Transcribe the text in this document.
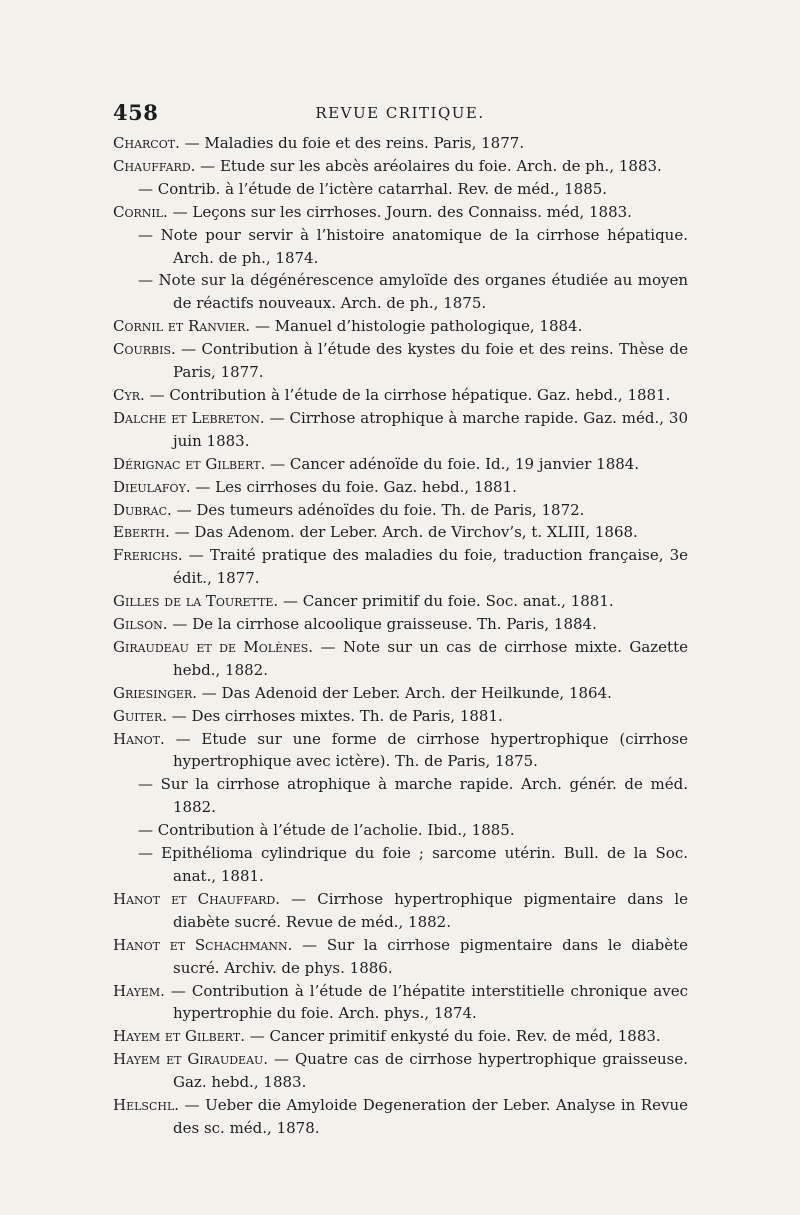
458	REVUE CRITIQUE.
Charcot. — Maladies du foie et des reins. Paris, 1877.
Chauffard. — Etude sur les abcès aréolaires du foie. Arch. de ph., 1883.
— Contrib. à l’étude de l’ictère catarrhal. Rev. de méd., 1885.
Cornil. — Leçons sur les cirrhoses. Journ. des Connaiss. méd, 1883.
— Note pour servir à l’histoire anatomique de la cirrhose hépatique. Arch. de ph., 1874.
— Note sur la dégénérescence amyloïde des organes étudiée au moyen de réactifs nouveaux. Arch. de ph., 1875.
Cornil et Ranvier. — Manuel d’histologie pathologique, 1884.
Courbis. — Contribution à l’étude des kystes du foie et des reins. Thèse de Paris, 1877.
Cyr. — Contribution à l’étude de la cirrhose hépatique. Gaz. hebd., 1881.
Dalche et Lebreton. — Cirrhose atrophique à marche rapide. Gaz. méd., 30 juin 1883.
Dérignac et Gilbert. — Cancer adénoïde du foie. Id., 19 janvier 1884.
Dieulafoy. — Les cirrhoses du foie. Gaz. hebd., 1881.
Dubrac. — Des tumeurs adénoïdes du foie. Th. de Paris, 1872.
Eberth. — Das Adenom. der Leber. Arch. de Virchov’s, t. XLIII, 1868.
Frerichs. — Traité pratique des maladies du foie, traduction française, 3e édit., 1877.
Gilles de la Tourette. — Cancer primitif du foie. Soc. anat., 1881.
Gilson. — De la cirrhose alcoolique graisseuse. Th. Paris, 1884.
Giraudeau et de Molènes. — Note sur un cas de cirrhose mixte. Gazette hebd., 1882.
Griesinger. — Das Adenoid der Leber. Arch. der Heilkunde, 1864.
Guiter. — Des cirrhoses mixtes. Th. de Paris, 1881.
Hanot. — Etude sur une forme de cirrhose hypertrophique (cirrhose hypertrophique avec ictère). Th. de Paris, 1875.
— Sur la cirrhose atrophique à marche rapide. Arch. génér. de méd. 1882.
— Contribution à l’étude de l’acholie. Ibid., 1885.
— Epithélioma cylindrique du foie ; sarcome utérin. Bull. de la Soc. anat., 1881.
Hanot et Chauffard. — Cirrhose hypertrophique pigmentaire dans le diabète sucré. Revue de méd., 1882.
Hanot et Schachmann. — Sur la cirrhose pigmentaire dans le diabète sucré. Archiv. de phys. 1886.
Hayem. — Contribution à l’étude de l’hépatite interstitielle chronique avec hypertrophie du foie. Arch. phys., 1874.
Hayem et Gilbert. — Cancer primitif enkysté du foie. Rev. de méd, 1883.
Hayem et Giraudeau. — Quatre cas de cirrhose hypertrophique graisseuse. Gaz. hebd., 1883.
Helschl. — Ueber die Amyloide Degeneration der Leber. Analyse in Revue des sc. méd., 1878.
